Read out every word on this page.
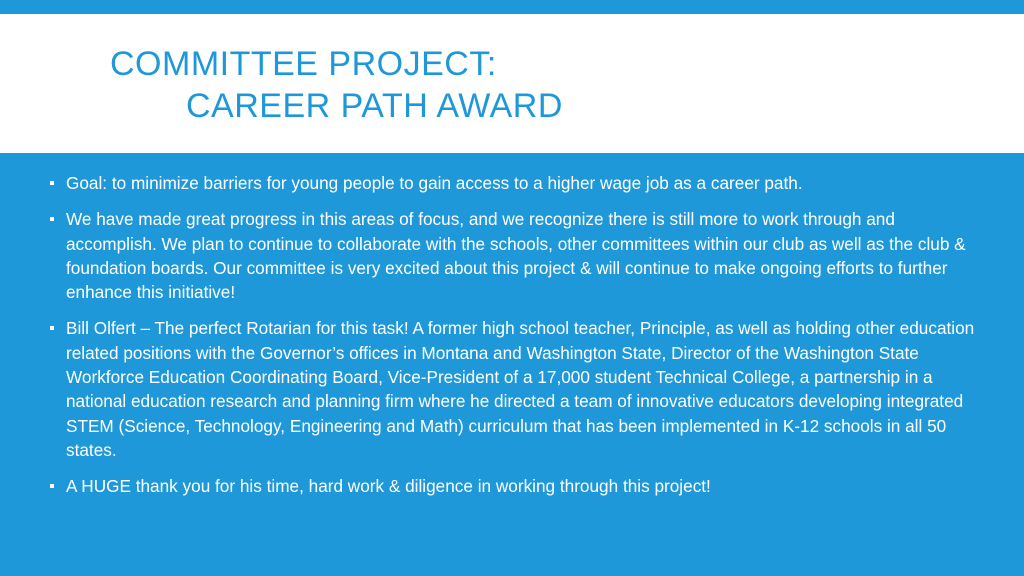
COMMITTEE PROJECT:
CAREER PATH AWARD
Goal: to minimize barriers for young people to gain access to a higher wage job as a career path.
We have made great progress in this areas of focus, and we recognize there is still more to work through and accomplish. We plan to continue to collaborate with the schools, other committees within our club as well as the club & foundation boards. Our committee is very excited about this project & will continue to make ongoing efforts to further enhance this initiative!
Bill Olfert – The perfect Rotarian for this task! A former high school teacher, Principle, as well as holding other education related positions with the Governor’s offices in Montana and Washington State, Director of the Washington State Workforce Education Coordinating Board, Vice-President of a 17,000 student Technical College, a partnership in a national education research and planning firm where he directed a team of innovative educators developing integrated STEM (Science, Technology, Engineering and Math) curriculum that has been implemented in K-12 schools in all 50 states.
A HUGE thank you for his time, hard work & diligence in working through this project!
